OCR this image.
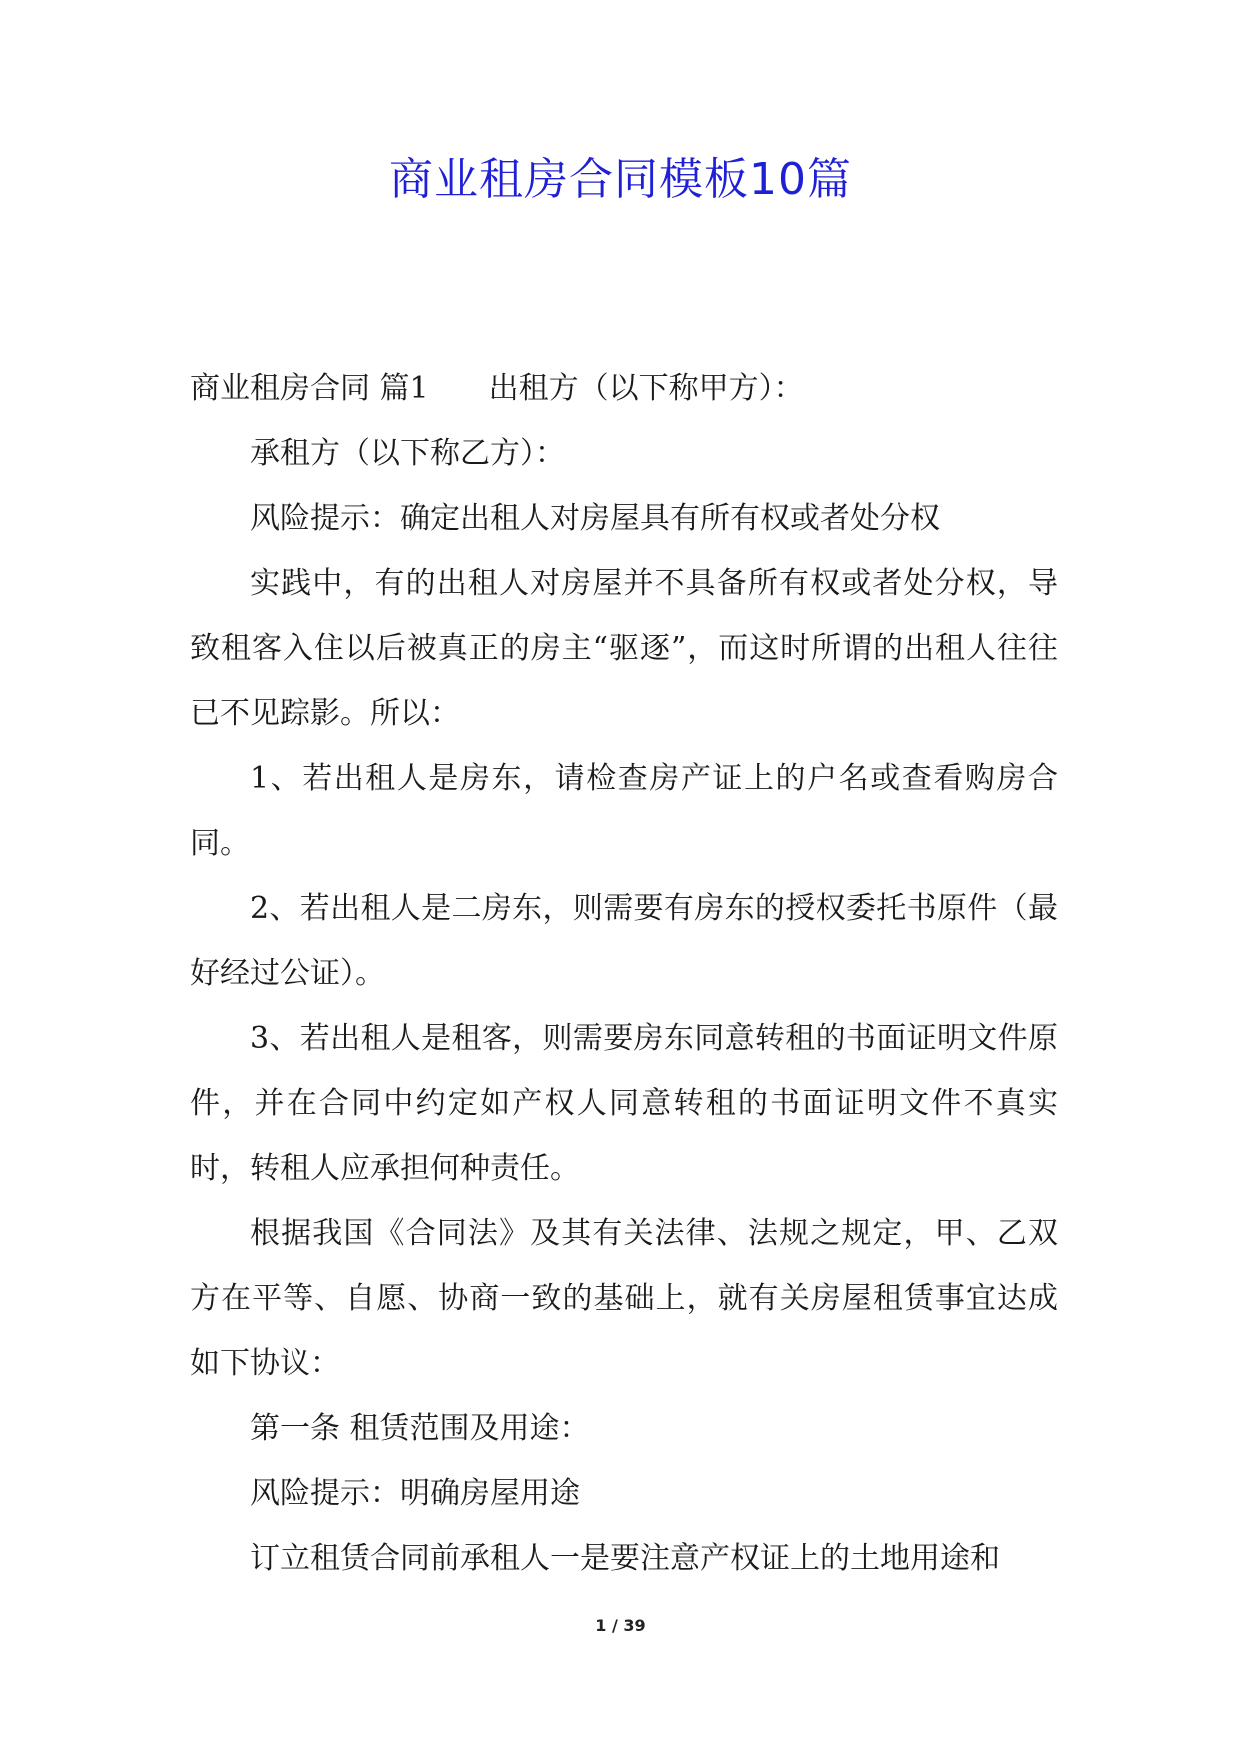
商业租房合同模板10篇

商业租房合同 篇1 出租方（以下称甲方）：

承租方（以下称乙方）：

风险提示：确定出租人对房屋具有所有权或者处分权

实践中，有的出租人对房屋并不具备所有权或者处分权，导致租客入住以后被真正的房主“驱逐”，而这时所谓的出租人往往已不见踪影。所以：

1、若出租人是房东，请检查房产证上的户名或查看购房合同。

2、若出租人是二房东，则需要有房东的授权委托书原件（最好经过公证）。

3、若出租人是租客，则需要房东同意转租的书面证明文件原件，并在合同中约定如产权人同意转租的书面证明文件不真实时，转租人应承担何种责任。

根据我国《合同法》及其有关法律、法规之规定，甲、乙双方在平等、自愿、协商一致的基础上，就有关房屋租赁事宜达成如下协议：

第一条 租赁范围及用途：

风险提示：明确房屋用途

订立租赁合同前承租人一是要注意产权证上的土地用途和

1 / 39
